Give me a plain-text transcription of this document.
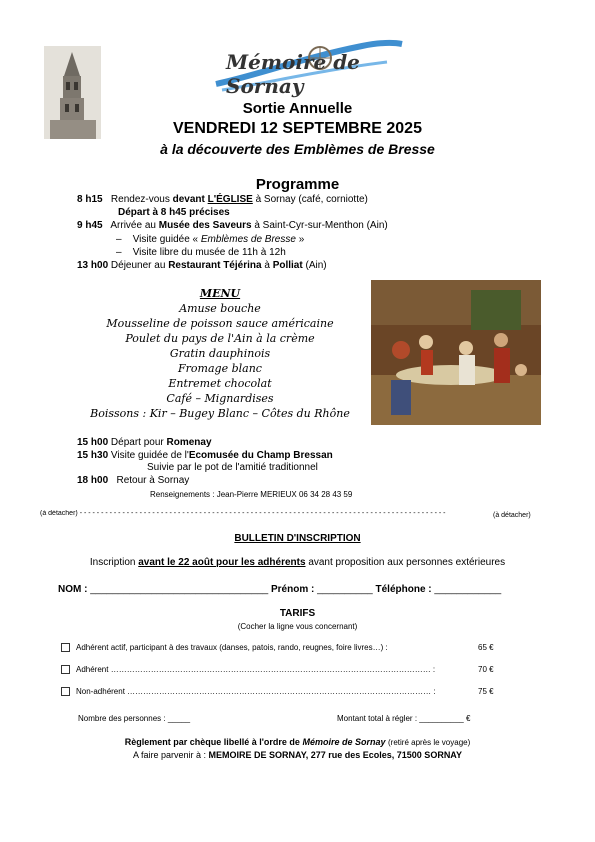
Mémoire de Sornay
Sortie Annuelle
VENDREDI 12 SEPTEMBRE 2025
à la découverte des Emblèmes de Bresse
Programme
8 h15 Rendez-vous devant L'ÉGLISE à Sornay (café, corniotte)
Départ à 8 h45 précises
9 h45 Arrivée au Musée des Saveurs à Saint-Cyr-sur-Menthon (Ain)
– Visite guidée « Emblèmes de Bresse »
– Visite libre du musée de 11h à 12h
13 h00 Déjeuner au Restaurant Téjérina à Polliat (Ain)
MENU
Amuse bouche
Mousseline de poisson sauce américaine
Poulet du pays de l'Ain à la crème
Gratin dauphinois
Fromage blanc
Entremet chocolat
Café – Mignardises
Boissons : Kir – Bugey Blanc – Côtes du Rhône
15 h00 Départ pour Romenay
15 h30 Visite guidée de l'Ecomusée du Champ Bressan
Suivie par le pot de l'amitié traditionnel
18 h00 Retour à Sornay
Renseignements : Jean-Pierre MERIEUX 06 34 28 43 59
(à détacher) - - - - - - - - - - - - - - - - - - - - - - - - - - - - - - - - - - - - - - - - - - - - - - - - - - - - - - - - - - - - - - - - - - - - - - - - - - - - - - - - - - - - - -	(à détacher)
BULLETIN D'INSCRIPTION
Inscription avant le 22 août pour les adhérents avant proposition aux personnes extérieures
NOM : ________________________________ Prénom : __________ Téléphone : ____________
TARIFS
(Cocher la ligne vous concernant)
Adhérent actif, participant à des travaux (danses, patois, rando, reugnes, foire livres…) :	65 €
Adhérent ………………………………………………………………………………………………………… :	70 €
Non-adhérent …………………………………………………………………………………………………… :	75 €
Nombre des personnes : _____	Montant total à régler : __________ €
Règlement par chèque libellé à l'ordre de Mémoire de Sornay (retiré après le voyage)
A faire parvenir à : MEMOIRE DE SORNAY, 277 rue des Ecoles, 71500 SORNAY
